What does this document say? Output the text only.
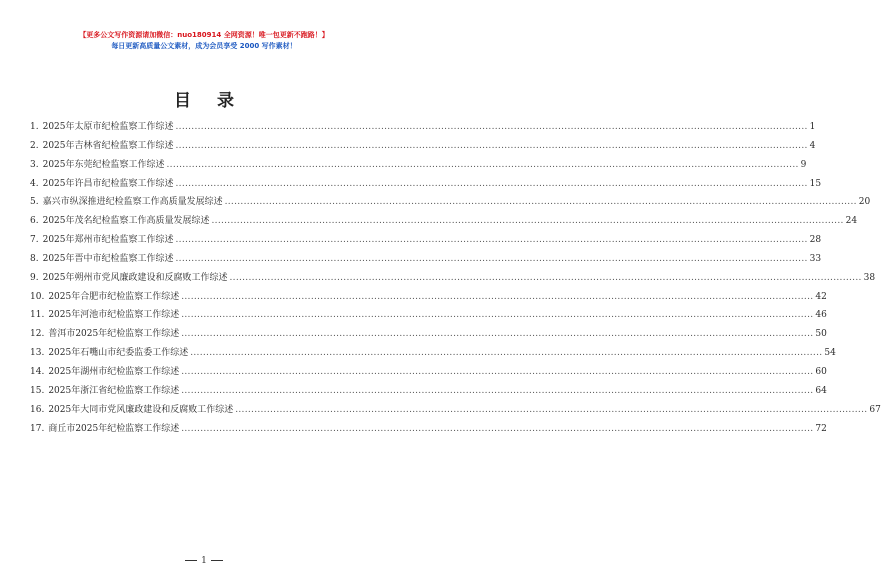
【更多公文写作资源请加微信：nuo180914 全网资源！唯一包更新不跑路！】
每日更新高质量公文素材，成为会员享受 2000 写作素材！
目 录
1. 2025年太原市纪检监察工作综述 ........................................................................................................................................................................................................ 1
2. 2025年吉林省纪检监察工作综述 ........................................................................................................................................................................................................ 4
3. 2025年东莞纪检监察工作综述 ........................................................................................................................................................................................................ 9
4. 2025年许昌市纪检监察工作综述 ........................................................................................................................................................................................................ 15
5. 嘉兴市纵深推进纪检监察工作高质量发展综述 ........................................................................................................................................................................................................ 20
6. 2025年茂名纪检监察工作高质量发展综述 ........................................................................................................................................................................................................ 24
7. 2025年郑州市纪检监察工作综述 ........................................................................................................................................................................................................ 28
8. 2025年晋中市纪检监察工作综述 ........................................................................................................................................................................................................ 33
9. 2025年朔州市党风廉政建设和反腐败工作综述 ........................................................................................................................................................................................................ 38
10. 2025年合肥市纪检监察工作综述 ........................................................................................................................................................................................................ 42
11. 2025年河池市纪检监察工作综述 ........................................................................................................................................................................................................ 46
12. 普洱市2025年纪检监察工作综述 ........................................................................................................................................................................................................ 50
13. 2025年石嘴山市纪委监委工作综述 ........................................................................................................................................................................................................ 54
14. 2025年湖州市纪检监察工作综述 ........................................................................................................................................................................................................ 60
15. 2025年浙江省纪检监察工作综述 ........................................................................................................................................................................................................ 64
16. 2025年大同市党风廉政建设和反腐败工作综述 ........................................................................................................................................................................................................ 67
17. 商丘市2025年纪检监察工作综述 ........................................................................................................................................................................................................ 72
1
